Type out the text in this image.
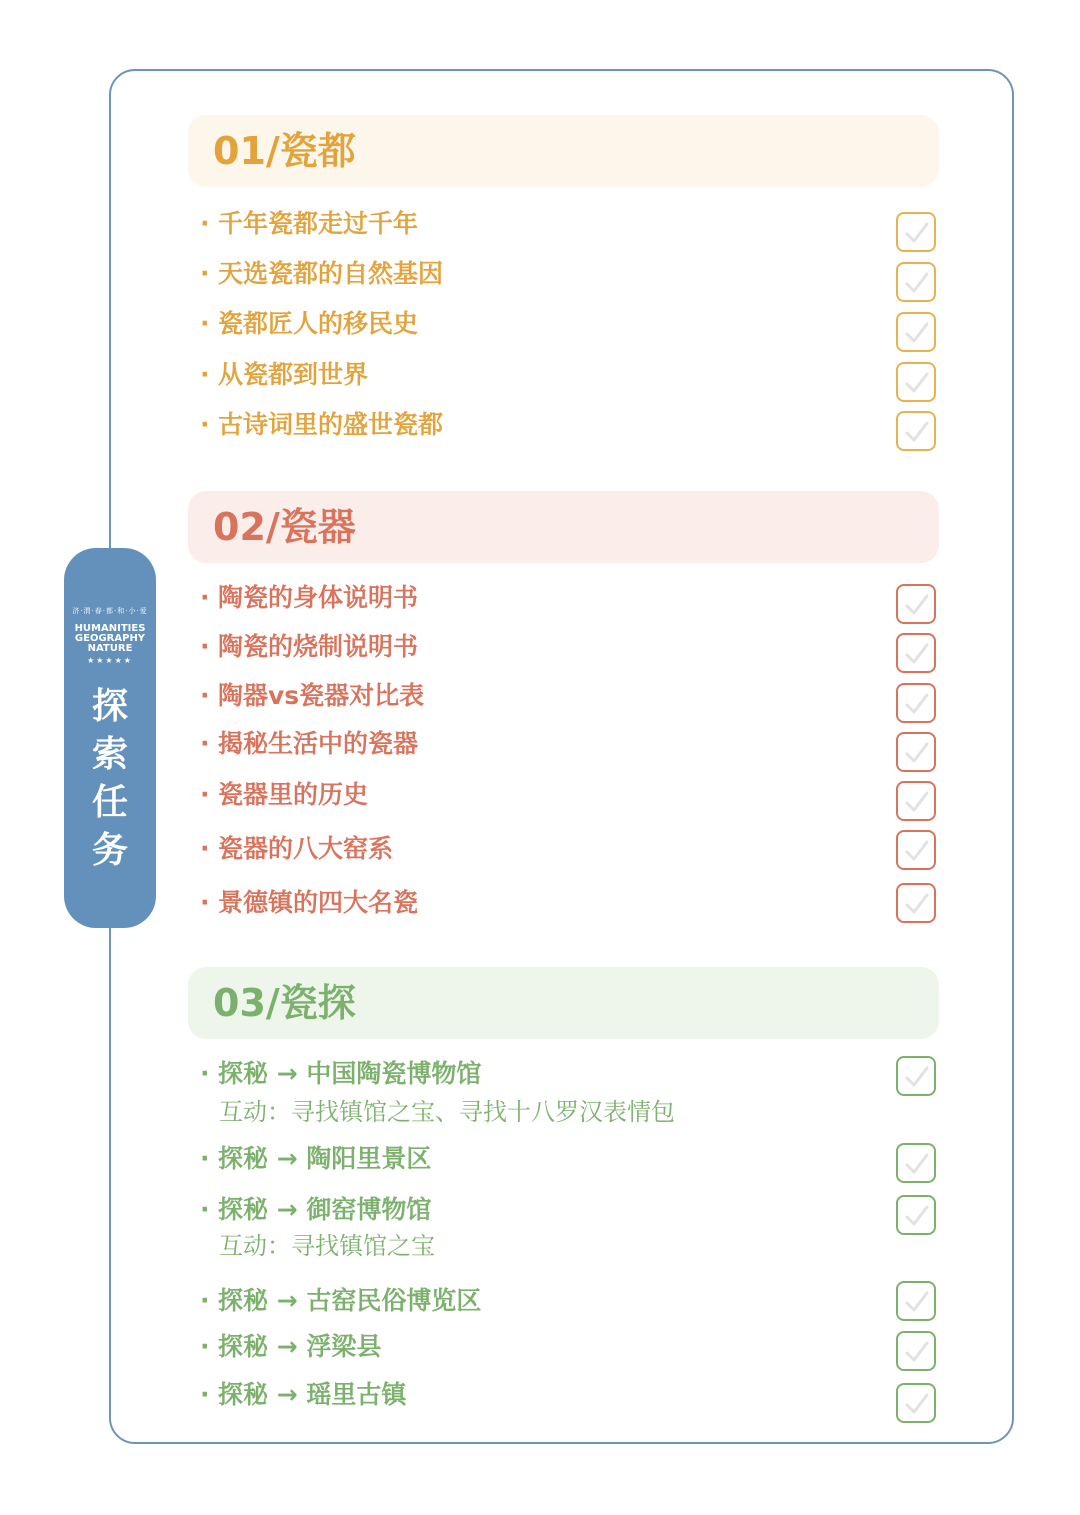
济·渭·春·都·和·小·爱
HUMANITIES
GEOGRAPHY
NATURE
★★★★★
探
索
任
务
01/瓷都
· 千年瓷都走过千年
· 天选瓷都的自然基因
· 瓷都匠人的移民史
· 从瓷都到世界
· 古诗词里的盛世瓷都
02/瓷器
· 陶瓷的身体说明书
· 陶瓷的烧制说明书
· 陶器vs瓷器对比表
· 揭秘生活中的瓷器
· 瓷器里的历史
· 瓷器的八大窑系
· 景德镇的四大名瓷
03/瓷探
· 探秘 → 中国陶瓷博物馆
互动：寻找镇馆之宝、寻找十八罗汉表情包
· 探秘 → 陶阳里景区
· 探秘 → 御窑博物馆
互动：寻找镇馆之宝
· 探秘 → 古窑民俗博览区
· 探秘 → 浮梁县
· 探秘 → 瑶里古镇
